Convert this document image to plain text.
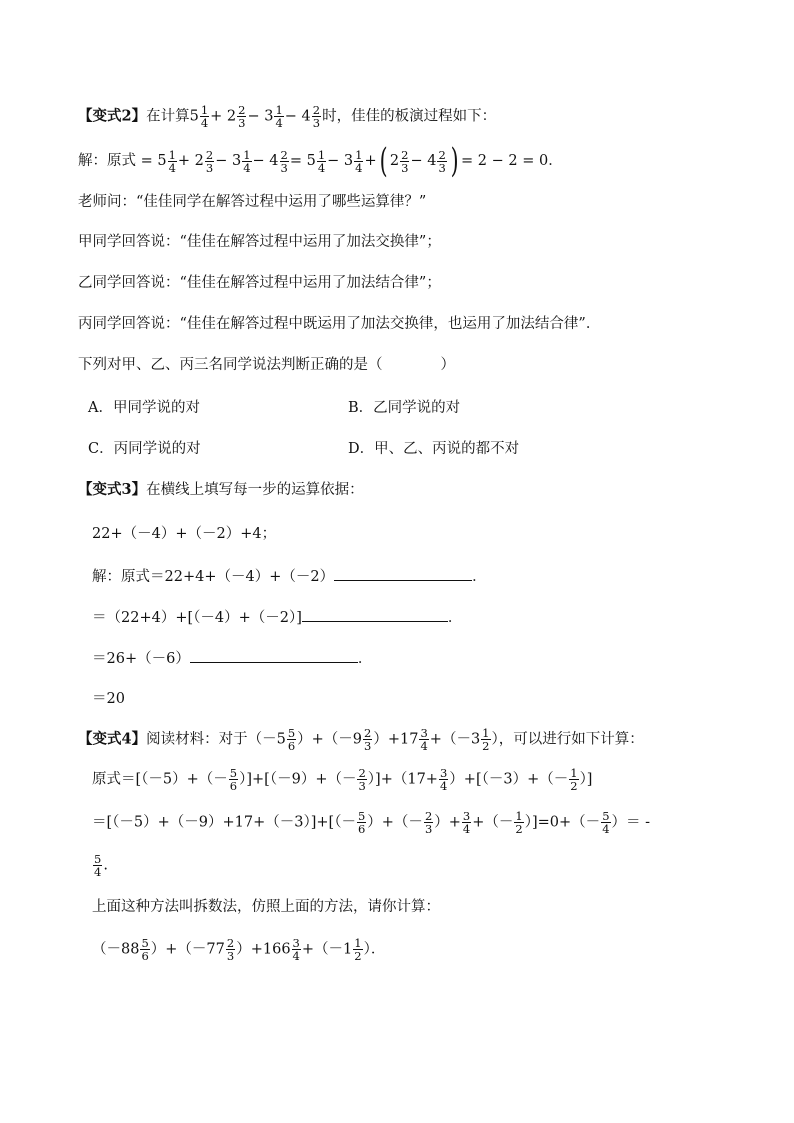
【变式2】在计算$5 \frac{1}{4} + 2 \frac{2}{3} - 3 \frac{1}{4} - 4 \frac{2}{3}$ 时，佳佳的板演过程如下：
解：原式 = $5 \frac{1}{4} + 2 \frac{2}{3} - 3 \frac{1}{4} - 4 \frac{2}{3} = 5 \frac{1}{4} - 3 \frac{1}{4}$ +( $2 \frac{2}{3} - 4 \frac{2}{3}$ ) = 2 − 2 = 0．
老师问：“佳佳同学在解答过程中运用了哪些运算律？”
甲同学回答说：“佳佳在解答过程中运用了加法交换律”；
乙同学回答说：“佳佳在解答过程中运用了加法结合律”；
丙同学回答说：“佳佳在解答过程中既运用了加法交换律，也运用了加法结合律”．
下列对甲、乙、丙三名同学说法判断正确的是（　　　　）
A．甲同学说的对	B．乙同学说的对
C．丙同学说的对	D．甲、乙、丙说的都不对
【变式3】在横线上填写每一步的运算依据：
22+（－4）+（－2）+4；
解：原式＝22+4+（－4）+（－2）	．
＝（22+4）+[（－4）+（－2）]	．
＝26+（－6）	．
＝20
【变式4】阅读材料：对于$(-5 \frac{5}{6} )+(-9 \frac{2}{3} )+17 \frac{3}{4} +(-3 \frac{1}{2}$ ），可以进行如下计算：
原式$=[(-5)+(- \frac{5}{6} )]+[(-9)+(- \frac{2}{3} )]+(17+ \frac{3}{4} )+[(-3)+(- \frac{1}{2}$ ）]
$=[(-5)+(-9)+17+(-3)]+[(- \frac{5}{6}$ ）+（－ $\frac{2}{3}$ ）+ $\frac{3}{4}$ +（－ $\frac{1}{2} )]=0+(- \frac{5}{4}$ ）＝ -
$\frac{5}{4}$ .
上面这种方法叫拆数法，仿照上面的方法，请你计算：
$(-88 \frac{5}{6} )+(-77 \frac{2}{3} )+166 \frac{3}{4} +(-1 \frac{1}{2}$ ）．
